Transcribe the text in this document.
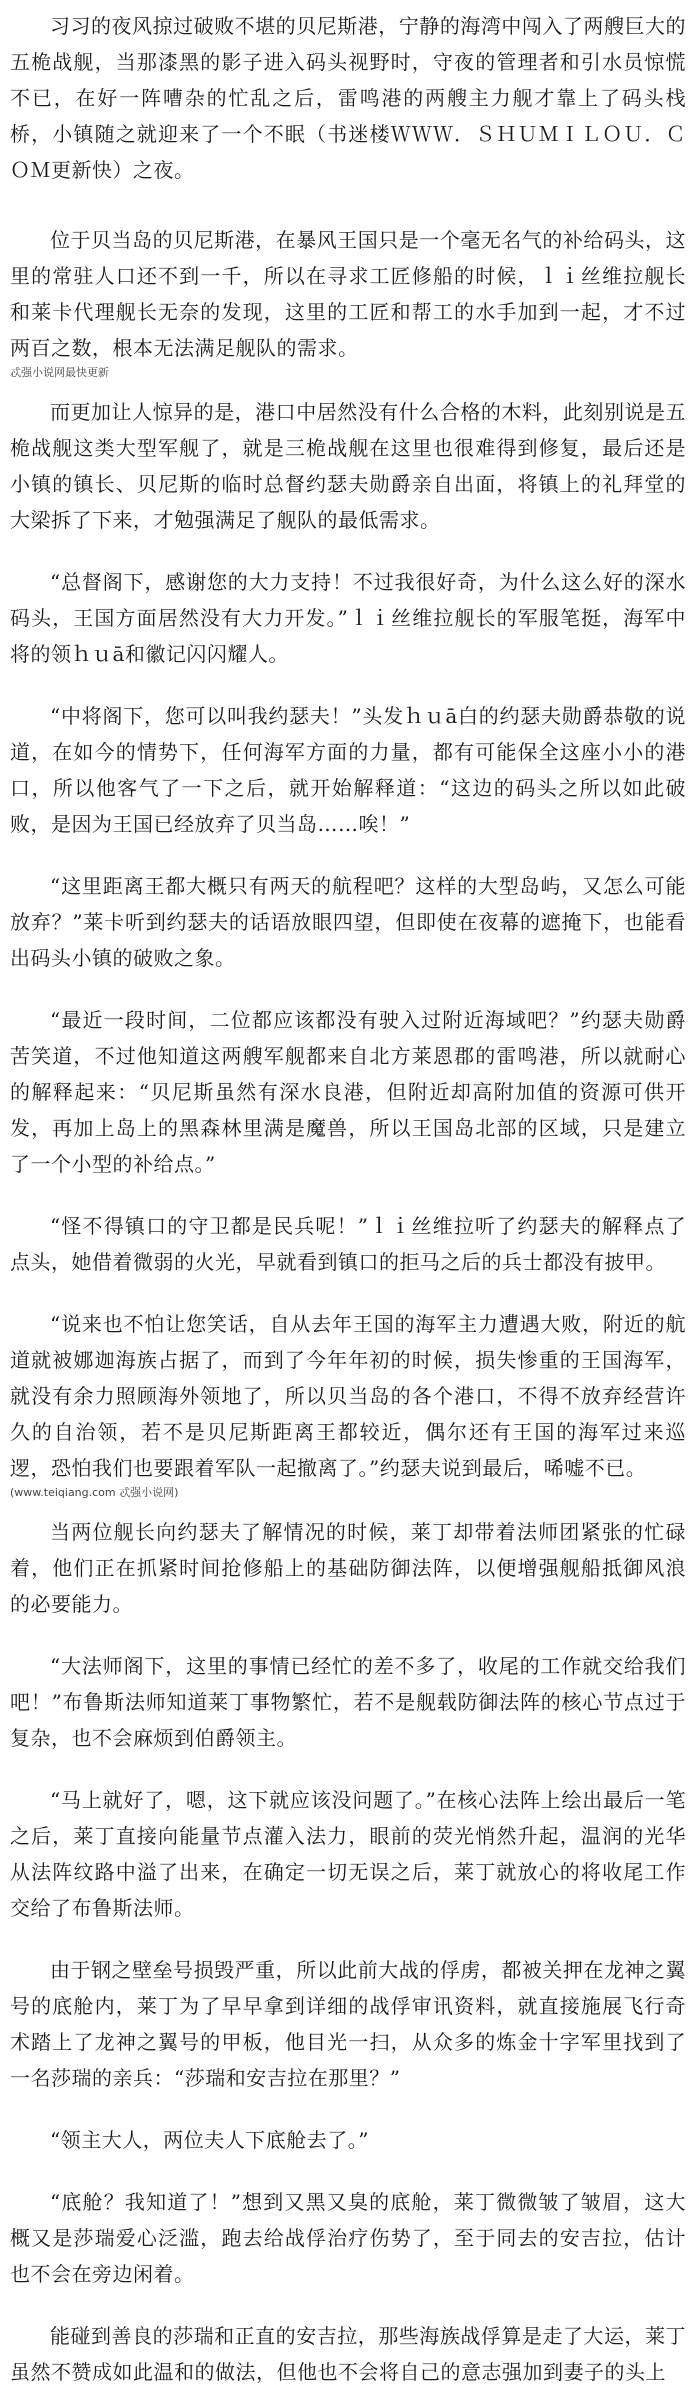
习习的夜风掠过破败不堪的贝尼斯港，宁静的海湾中闯入了两艘巨大的五桅战舰，当那漆黑的影子进入码头视野时，守夜的管理者和引水员惊慌不已，在好一阵嘈杂的忙乱之后，雷鸣港的两艘主力舰才靠上了码头栈桥，小镇随之就迎来了一个不眠（书迷楼ＷＷＷ．ＳＨＵＭＩＬＯＵ．ＣＯＭ更新快）之夜。

位于贝当岛的贝尼斯港，在暴风王国只是一个毫无名气的补给码头，这里的常驻人口还不到一千，所以在寻求工匠修船的时候，ｌｉ丝维拉舰长和莱卡代理舰长无奈的发现，这里的工匠和帮工的水手加到一起，才不过两百之数，根本无法满足舰队的需求。

忒强小说网最快更新

而更加让人惊异的是，港口中居然没有什么合格的木料，此刻别说是五桅战舰这类大型军舰了，就是三桅战舰在这里也很难得到修复，最后还是小镇的镇长、贝尼斯的临时总督约瑟夫勋爵亲自出面，将镇上的礼拜堂的大梁拆了下来，才勉强满足了舰队的最低需求。

“总督阁下，感谢您的大力支持！不过我很好奇，为什么这么好的深水码头，王国方面居然没有大力开发。”ｌｉ丝维拉舰长的军服笔挺，海军中将的领ｈｕā和徽记闪闪耀人。

“中将阁下，您可以叫我约瑟夫！”头发ｈｕā白的约瑟夫勋爵恭敬的说道，在如今的情势下，任何海军方面的力量，都有可能保全这座小小的港口，所以他客气了一下之后，就开始解释道：“这边的码头之所以如此破败，是因为王国已经放弃了贝当岛……唉！”

“这里距离王都大概只有两天的航程吧？这样的大型岛屿，又怎么可能放弃？”莱卡听到约瑟夫的话语放眼四望，但即使在夜幕的遮掩下，也能看出码头小镇的破败之象。

“最近一段时间，二位都应该都没有驶入过附近海域吧？”约瑟夫勋爵苦笑道，不过他知道这两艘军舰都来自北方莱恩郡的雷鸣港，所以就耐心的解释起来：“贝尼斯虽然有深水良港，但附近却高附加值的资源可供开发，再加上岛上的黑森林里满是魔兽，所以王国岛北部的区域，只是建立了一个小型的补给点。”

“怪不得镇口的守卫都是民兵呢！”ｌｉ丝维拉听了约瑟夫的解释点了点头，她借着微弱的火光，早就看到镇口的拒马之后的兵士都没有披甲。

“说来也不怕让您笑话，自从去年王国的海军主力遭遇大败，附近的航道就被娜迦海族占据了，而到了今年年初的时候，损失惨重的王国海军，就没有余力照顾海外领地了，所以贝当岛的各个港口，不得不放弃经营许久的自治领，若不是贝尼斯距离王都较近，偶尔还有王国的海军过来巡逻，恐怕我们也要跟着军队一起撤离了。”约瑟夫说到最后，唏嘘不已。

(www.teiqiang.com 忒强小说网)

当两位舰长向约瑟夫了解情况的时候，莱丁却带着法师团紧张的忙碌着，他们正在抓紧时间抢修船上的基础防御法阵，以便增强舰船抵御风浪的必要能力。

“大法师阁下，这里的事情已经忙的差不多了，收尾的工作就交给我们吧！”布鲁斯法师知道莱丁事物繁忙，若不是舰载防御法阵的核心节点过于复杂，也不会麻烦到伯爵领主。

“马上就好了，嗯，这下就应该没问题了。”在核心法阵上绘出最后一笔之后，莱丁直接向能量节点灌入法力，眼前的荧光悄然升起，温润的光华从法阵纹路中溢了出来，在确定一切无误之后，莱丁就放心的将收尾工作交给了布鲁斯法师。

由于钢之壁垒号损毁严重，所以此前大战的俘虏，都被关押在龙神之翼号的底舱内，莱丁为了早早拿到详细的战俘审讯资料，就直接施展飞行奇术踏上了龙神之翼号的甲板，他目光一扫，从众多的炼金十字军里找到了一名莎瑞的亲兵：“莎瑞和安吉拉在那里？”

“领主大人，两位夫人下底舱去了。”

“底舱？我知道了！”想到又黑又臭的底舱，莱丁微微皱了皱眉，这大概又是莎瑞爱心泛滥，跑去给战俘治疗伤势了，至于同去的安吉拉，估计也不会在旁边闲着。

能碰到善良的莎瑞和正直的安吉拉，那些海族战俘算是走了大运，莱丁虽然不赞成如此温和的做法，但他也不会将自己的意志强加到妻子的头上
